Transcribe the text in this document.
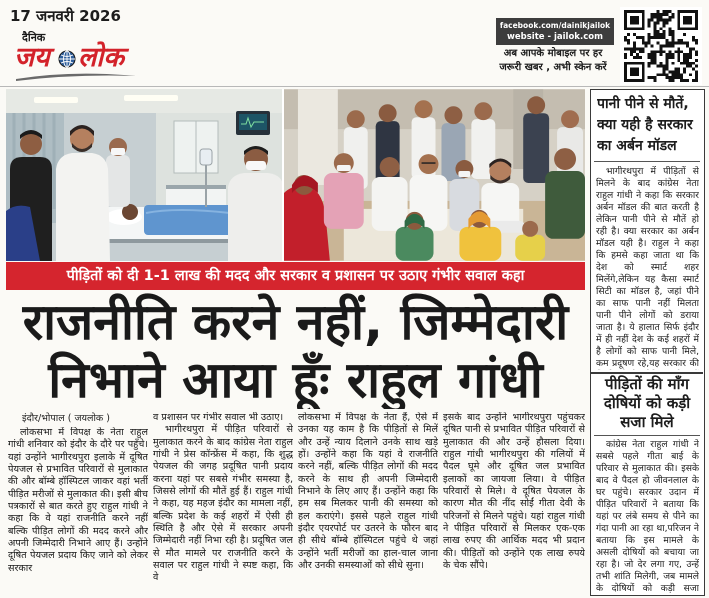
17 जनवरी 2026
दैनिक
जय लोक
facebook.com/dainikjailok
website - jailok.com
अब आपके मोबाइल पर हर
जरूरी खबर , अभी स्केन करें
पीड़ितों को दी 1-1 लाख की मदद और सरकार व प्रशासन पर उठाए गंभीर सवाल कहा
राजनीति करने नहीं, जिम्मेदारी
निभाने आया हूँः राहुल गांधी
इंदौर/भोपाल ( जयलोक )

लोकसभा में विपक्ष के नेता राहुल गांधी शनिवार को इंदौर के दौरे पर पहुँचे। यहां उन्होंने भागीरथपुरा इलाके में दूषित पेयजल से प्रभावित परिवारों से मुलाकात की और बॉम्बे हॉस्पिटल जाकर वहां भर्ती पीड़ित मरीजों से मुलाकात की। इसी बीच पत्रकारों से बात करते हुए राहुल गांधी ने कहा कि वे यहां राजनीति करने नहीं बल्कि पीड़ित लोगों की मदद करने और अपनी जिम्मेदारी निभाने आए हैं। उन्होंने दूषित पेयजल प्रदाय किए जाने को लेकर सरकार

व प्रशासन पर गंभीर सवाल भी उठाए।

भागीरथपुरा में पीड़ित परिवारों से मुलाकात करने के बाद कांग्रेस नेता राहुल गांधी ने प्रेस कॉन्फ्रेंस में कहा, कि शुद्ध पेयजल की जगह प्रदूषित पानी प्रदाय करना यहां पर सबसे गंभीर समस्या है, जिससे लोगों की मौतें हुई हैं। राहुल गांधी ने कहा, यह महज इंदौर का मामला नहीं, बल्कि प्रदेश के कई शहरों में ऐसी ही स्थिति है और ऐसे में सरकार अपनी जिम्मेदारी नहीं निभा रही है। प्रदूषित जल से मौत मामले पर राजनीति करने के सवाल पर राहुल गांधी ने स्पष्ट कहा, कि वे

लोकसभा में विपक्ष के नेता हैं, ऐसे में उनका यह काम है कि पीड़ितों से मिलें और उन्हें न्याय दिलाने उनके साथ खड़े हों। उन्होंने कहा कि यहां वे राजनीति करने नहीं, बल्कि पीड़ित लोगों की मदद करने के साथ ही अपनी जिम्मेदारी निभाने के लिए आए हैं। उन्होंने कहा कि हम सब मिलकर पानी की समस्या को हल कराएंगे। इससे पहले राहुल गांधी इंदौर एयरपोर्ट पर उतरने के फौरन बाद ही सीधे बॉम्बे हॉस्पिटल पहुंचे थे जहां उन्होंने भर्ती मरीजों का हाल-चाल जाना और उनकी समस्याओं को सीधे सुना।

इसके बाद उन्होंने भागीरथपुरा पहुंचकर दूषित पानी से प्रभावित पीड़ित परिवारों से मुलाकात की और उन्हें हौसला दिया। राहुल गांधी भागीरथपुरा की गलियों में पैदल घूमे और दूषित जल प्रभावित इलाकों का जायजा लिया। वे पीड़ित परिवारों से मिले। वे दूषित पेयजल के कारण मौत की नींद सोईं गीता देवी के परिजनों से मिलने पहुंचे। यहां राहुल गांधी ने पीड़ित परिवारों से मिलकर एक-एक लाख रुपए की आर्थिक मदद भी प्रदान की। पीड़ितों को उन्होंने एक लाख रुपये के चेक सौंपे।

पानी पीने से मौतें, क्या यही है सरकार का अर्बन मॉडल
भागीरथपुरा में पीड़ितों से मिलने के बाद कांग्रेस नेता राहुल गांधी ने कहा कि सरकार अर्बन मॉडल की बात करती है लेकिन पानी पीने से मौतें हो रही है। क्या सरकार का अर्बन मॉडल यही है। राहुल ने कहा कि हमसे कहा जाता था कि देश को स्मार्ट शहर मिलेंगे,लेकिन यह कैसा स्मार्ट सिटी का मॉडल है, जहां पीने का साफ पानी नहीं मिलता पानी पीने लोगों को डराया जाता है। ये हालात सिर्फ इंदौर में ही नहीं देश के कई शहरों में है लोगों को साफ पानी मिले, कम प्रदूषण रहे,यह सरकार की
पीड़ितों की माँग दोषियों को कड़ी सजा मिले
कांग्रेस नेता राहुल गांधी ने सबसे पहले गीता बाई के परिवार से मुलाकात की। इसके बाद वे पैदल हो जीवनलाल के घर पहुंचे। सरकार उदान में पीड़ित परिवारों ने बताया कि यहां पर लंबे समय से पीने का गंदा पानी आ रहा था,परिजन ने बताया कि इस मामले के असली दोषियों को बचाया जा रहा है। जो देर लगा गए, उन्हें तभी शांति मिलेगी, जब मामले के दोषियों को कड़ी सजा
